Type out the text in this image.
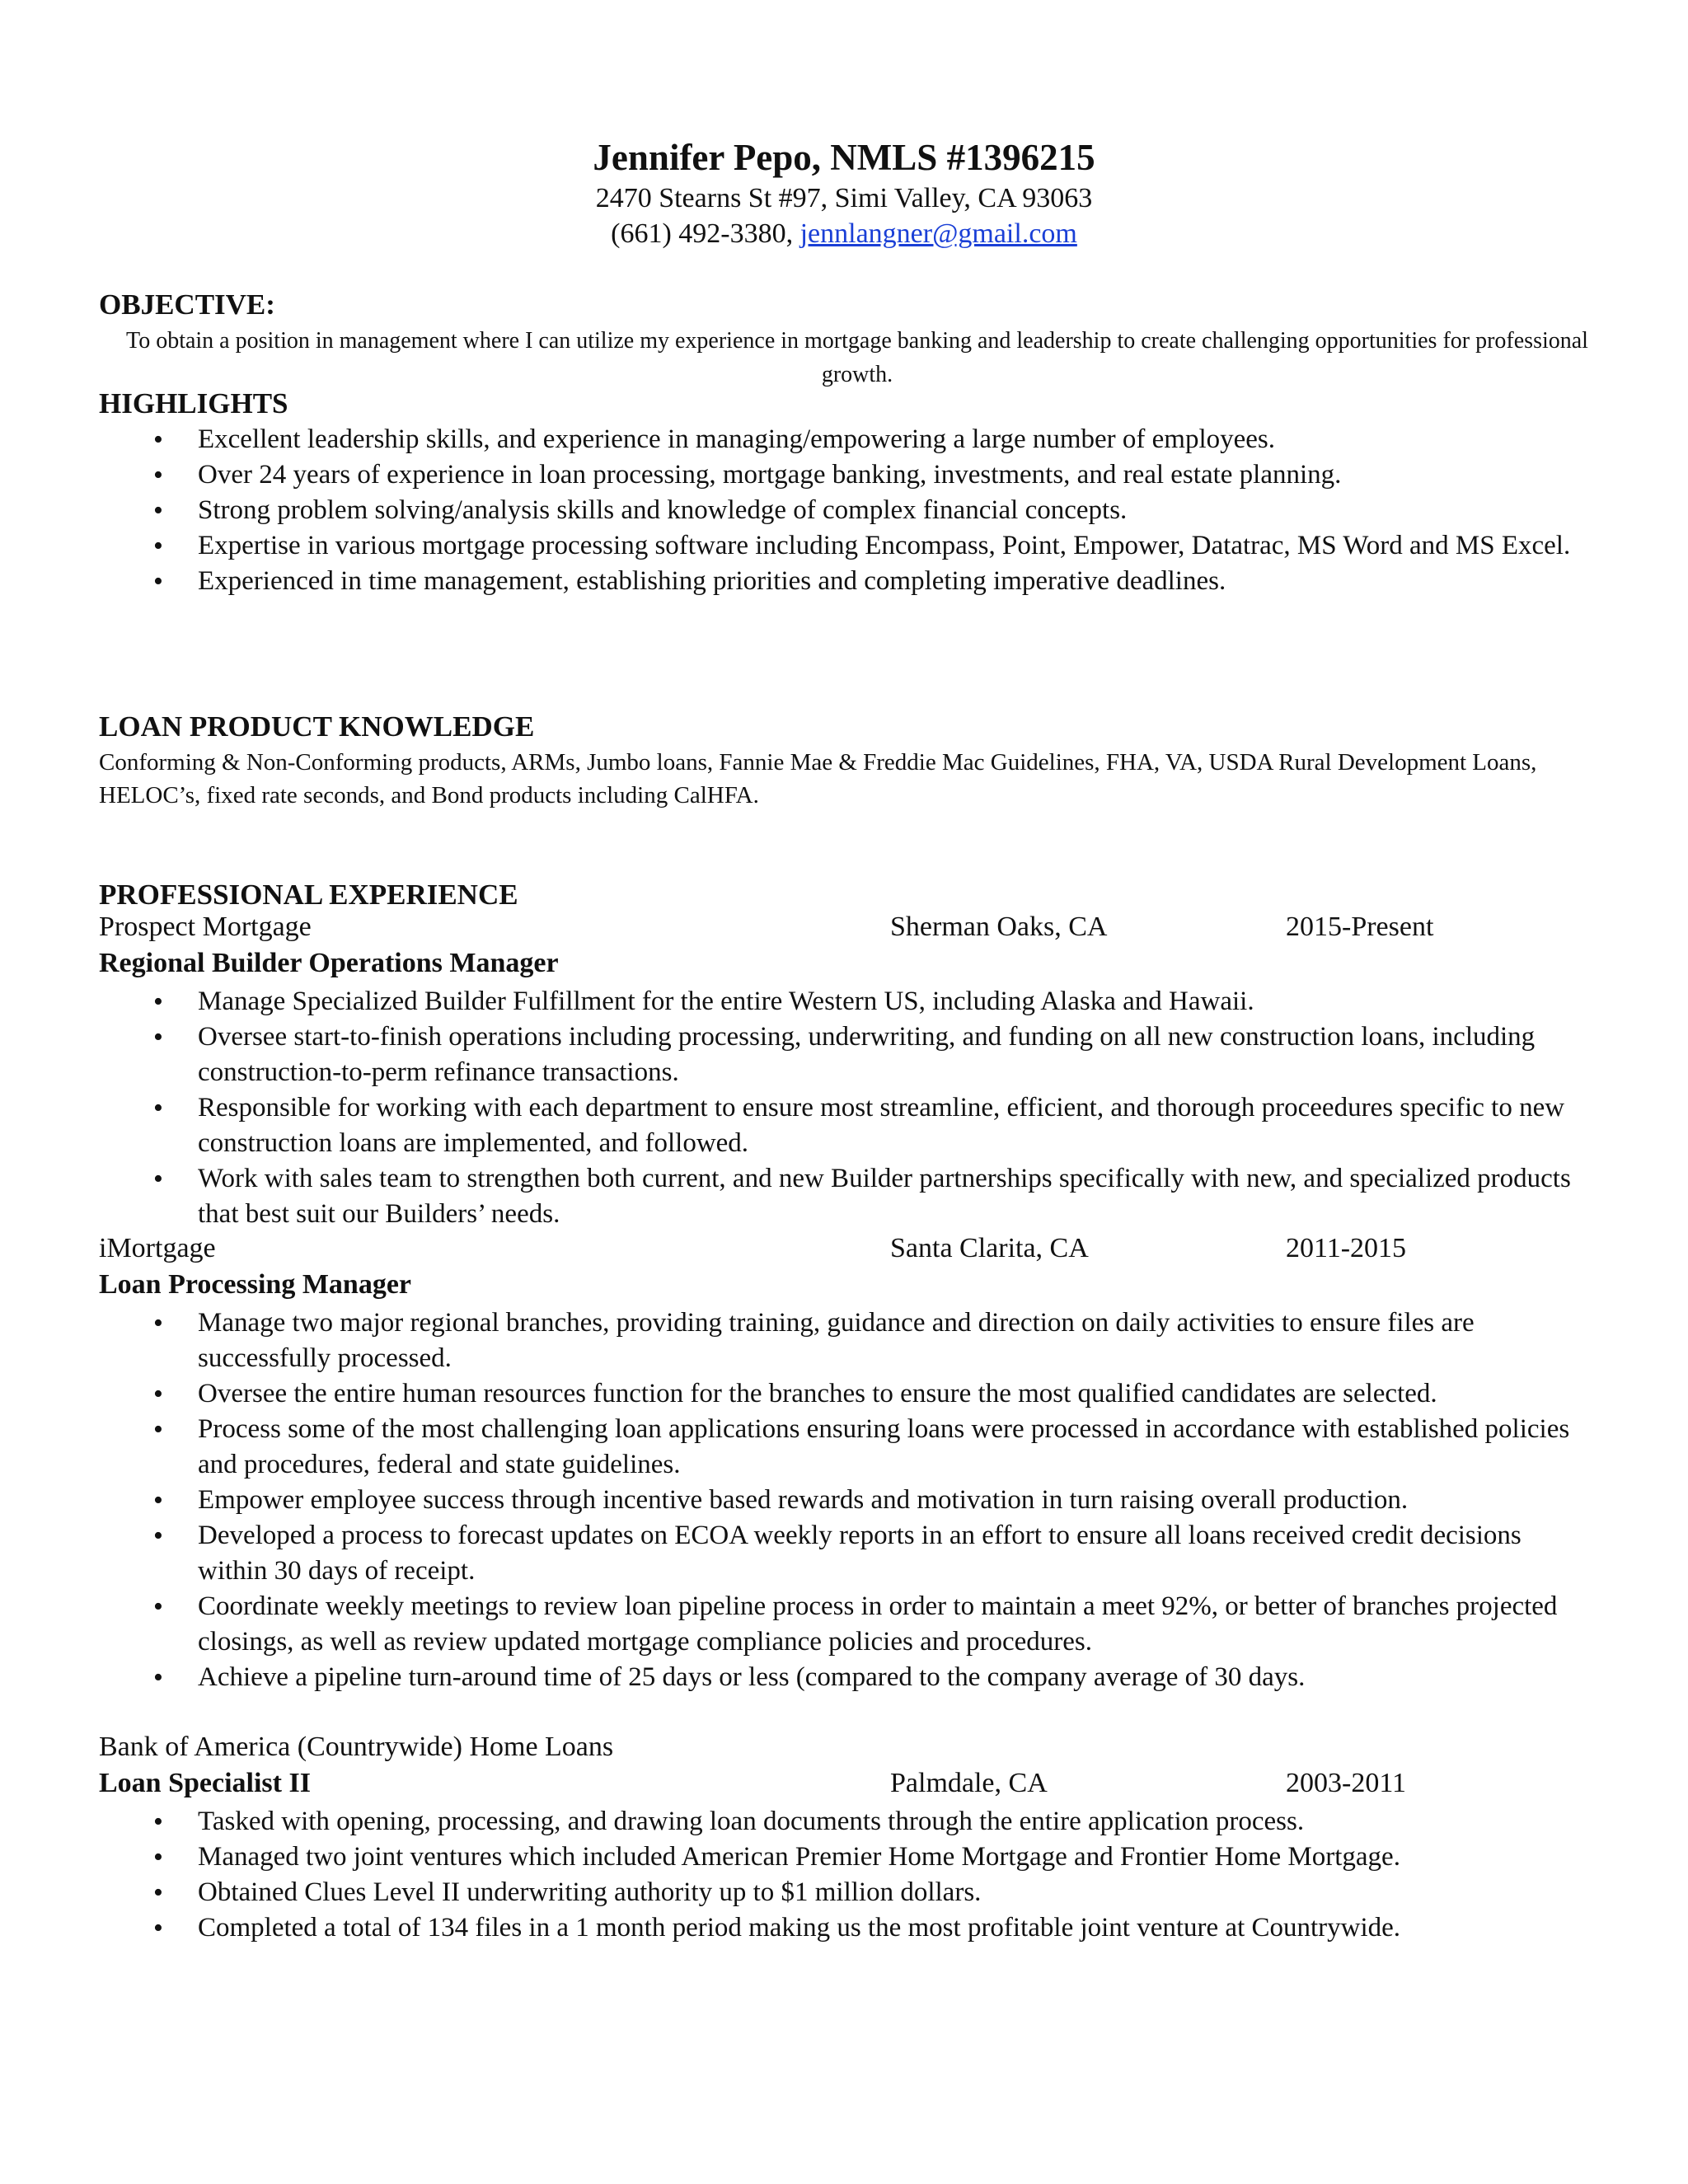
Jennifer Pepo, NMLS #1396215
2470 Stearns St #97, Simi Valley, CA 93063
(661) 492-3380, jennlangner@gmail.com
OBJECTIVE:
To obtain a position in management where I can utilize my experience in mortgage banking and leadership to create challenging opportunities for professional growth.
HIGHLIGHTS
• Excellent leadership skills, and experience in managing/empowering a large number of employees.
• Over 24 years of experience in loan processing, mortgage banking, investments, and real estate planning.
• Strong problem solving/analysis skills and knowledge of complex financial concepts.
• Expertise in various mortgage processing software including Encompass, Point, Empower, Datatrac, MS Word and MS Excel.
• Experienced in time management, establishing priorities and completing imperative deadlines.
LOAN PRODUCT KNOWLEDGE
Conforming & Non-Conforming products, ARMs, Jumbo loans, Fannie Mae & Freddie Mac Guidelines, FHA, VA, USDA Rural Development Loans, HELOC’s, fixed rate seconds, and Bond products including CalHFA.
PROFESSIONAL EXPERIENCE
Prospect Mortgage	Sherman Oaks, CA	2015-Present
Regional Builder Operations Manager
• Manage Specialized Builder Fulfillment for the entire Western US, including Alaska and Hawaii.
• Oversee start-to-finish operations including processing, underwriting, and funding on all new construction loans, including construction-to-perm refinance transactions.
• Responsible for working with each department to ensure most streamline, efficient, and thorough proceedures specific to new construction loans are implemented, and followed.
• Work with sales team to strengthen both current, and new Builder partnerships specifically with new, and specialized products that best suit our Builders’ needs.
iMortgage	Santa Clarita, CA	2011-2015
Loan Processing Manager
• Manage two major regional branches, providing training, guidance and direction on daily activities to ensure files are successfully processed.
• Oversee the entire human resources function for the branches to ensure the most qualified candidates are selected.
• Process some of the most challenging loan applications ensuring loans were processed in accordance with established policies and procedures, federal and state guidelines.
• Empower employee success through incentive based rewards and motivation in turn raising overall production.
• Developed a process to forecast updates on ECOA weekly reports in an effort to ensure all loans received credit decisions within 30 days of receipt.
• Coordinate weekly meetings to review loan pipeline process in order to maintain a meet 92%, or better of branches projected closings, as well as review updated mortgage compliance policies and procedures.
• Achieve a pipeline turn-around time of 25 days or less (compared to the company average of 30 days.
Bank of America (Countrywide) Home Loans
Loan Specialist II	Palmdale, CA	2003-2011
• Tasked with opening, processing, and drawing loan documents through the entire application process.
• Managed two joint ventures which included American Premier Home Mortgage and Frontier Home Mortgage.
• Obtained Clues Level II underwriting authority up to $1 million dollars.
• Completed a total of 134 files in a 1 month period making us the most profitable joint venture at Countrywide.
